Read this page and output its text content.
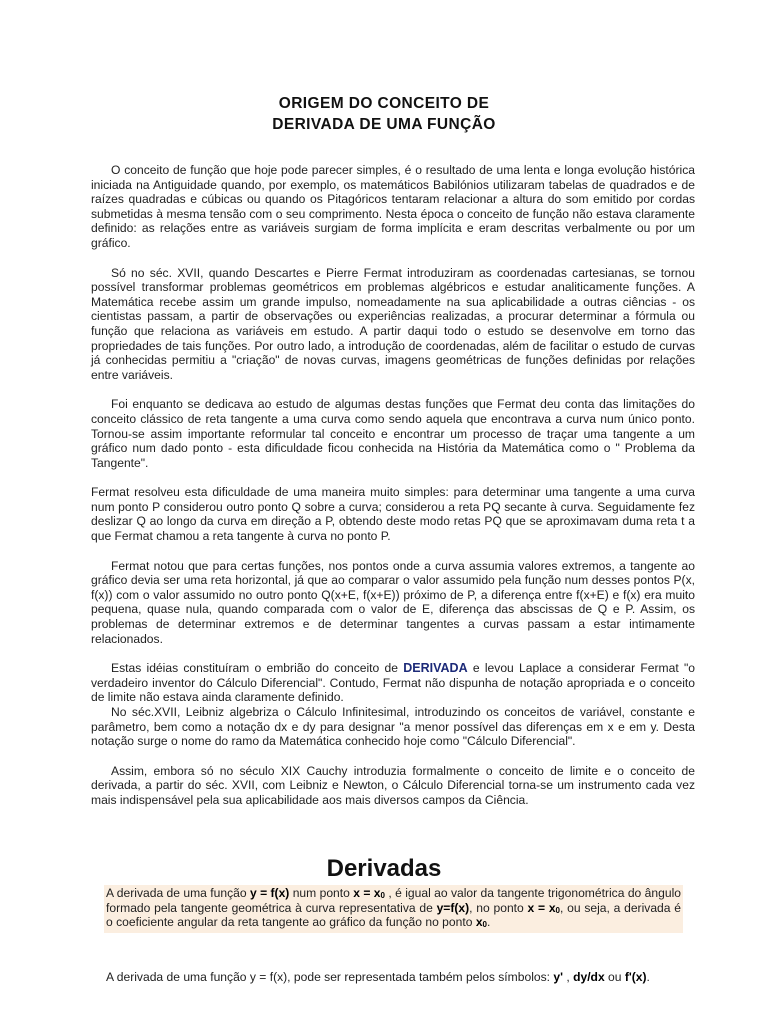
ORIGEM DO CONCEITO DE
DERIVADA DE UMA FUNÇÃO

O conceito de função que hoje pode parecer simples, é o resultado de uma lenta e longa evolução histórica iniciada na Antiguidade quando, por exemplo, os matemáticos Babilónios utilizaram tabelas de quadrados e de raízes quadradas e cúbicas ou quando os Pitagóricos tentaram relacionar a altura do som emitido por cordas submetidas à mesma tensão com o seu comprimento. Nesta época o conceito de função não estava claramente definido: as relações entre as variáveis surgiam de forma implícita e eram descritas verbalmente ou por um gráfico.

Só no séc. XVII, quando Descartes e Pierre Fermat introduziram as coordenadas cartesianas, se tornou possível transformar problemas geométricos em problemas algébricos e estudar analiticamente funções. A Matemática recebe assim um grande impulso, nomeadamente na sua aplicabilidade a outras ciências - os cientistas passam, a partir de observações ou experiências realizadas, a procurar determinar a fórmula ou função que relaciona as variáveis em estudo. A partir daqui todo o estudo se desenvolve em torno das propriedades de tais funções. Por outro lado, a introdução de coordenadas, além de facilitar o estudo de curvas já conhecidas permitiu a "criação" de novas curvas, imagens geométricas de funções definidas por relações entre variáveis.

Foi enquanto se dedicava ao estudo de algumas destas funções que Fermat deu conta das limitações do conceito clássico de reta tangente a uma curva como sendo aquela que encontrava a curva num único ponto. Tornou-se assim importante reformular tal conceito e encontrar um processo de traçar uma tangente a um gráfico num dado ponto - esta dificuldade ficou conhecida na História da Matemática como o " Problema da Tangente".

Fermat resolveu esta dificuldade de uma maneira muito simples: para determinar uma tangente a uma curva num ponto P considerou outro ponto Q sobre a curva; considerou a reta PQ secante à curva. Seguidamente fez deslizar Q ao longo da curva em direção a P, obtendo deste modo retas PQ que se aproximavam duma reta t a que Fermat chamou a reta tangente à curva no ponto P.

Fermat notou que para certas funções, nos pontos onde a curva assumia valores extremos, a tangente ao gráfico devia ser uma reta horizontal, já que ao comparar o valor assumido pela função num desses pontos P(x, f(x)) com o valor assumido no outro ponto Q(x+E, f(x+E)) próximo de P, a diferença entre f(x+E) e f(x) era muito pequena, quase nula, quando comparada com o valor de E, diferença das abscissas de Q e P. Assim, os problemas de determinar extremos e de determinar tangentes a curvas passam a estar intimamente relacionados.

Estas idéias constituíram o embrião do conceito de DERIVADA e levou Laplace a considerar Fermat "o verdadeiro inventor do Cálculo Diferencial". Contudo, Fermat não dispunha de notação apropriada e o conceito de limite não estava ainda claramente definido.

No séc.XVII, Leibniz algebriza o Cálculo Infinitesimal, introduzindo os conceitos de variável, constante e parâmetro, bem como a notação dx e dy para designar "a menor possível das diferenças em x e em y. Desta notação surge o nome do ramo da Matemática conhecido hoje como "Cálculo Diferencial".

Assim, embora só no século XIX Cauchy introduzia formalmente o conceito de limite e o conceito de derivada, a partir do séc. XVII, com Leibniz e Newton, o Cálculo Diferencial torna-se um instrumento cada vez mais indispensável pela sua aplicabilidade aos mais diversos campos da Ciência.

Derivadas
A derivada de uma função y = f(x) num ponto $x = x_0$ , é igual ao valor da tangente trigonométrica do ângulo formado pela tangente geométrica à curva representativa de y=f(x), no ponto $x = x_0$, ou seja, a derivada é o coeficiente angular da reta tangente ao gráfico da função no ponto $x_0$.
A derivada de uma função y = f(x), pode ser representada também pelos símbolos: y' , dy/dx ou f'(x).
